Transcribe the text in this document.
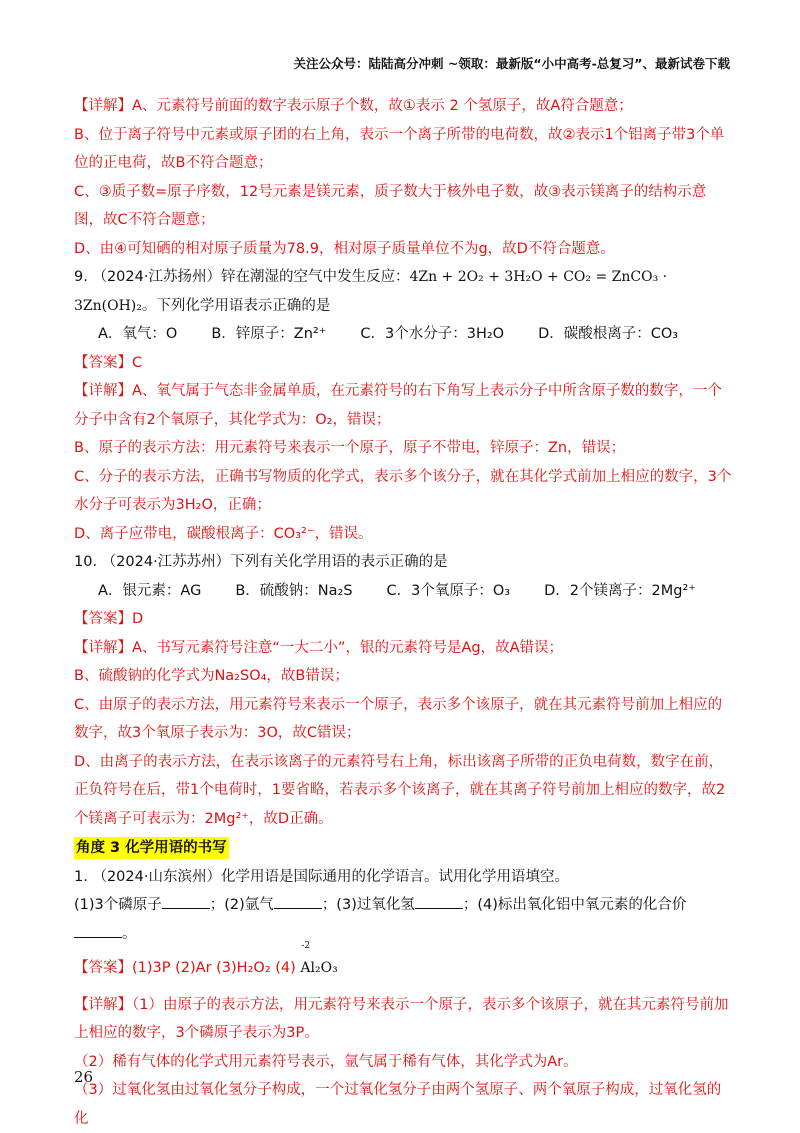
关注公众号：陆陆高分冲刺 ~领取：最新版“小中高考-总复习”、最新试卷下载

【详解】A、元素符号前面的数字表示原子个数，故①表示 2 个氢原子，故A符合题意；

B、位于离子符号中元素或原子团的右上角，表示一个离子所带的电荷数，故②表示1个铝离子带3个单位的正电荷，故B不符合题意；

C、③质子数=原子序数，12号元素是镁元素，质子数大于核外电子数，故③表示镁离子的结构示意图，故C不符合题意；

D、由④可知硒的相对原子质量为78.9，相对原子质量单位不为g，故D不符合题意。

9. （2024·江苏扬州）锌在潮湿的空气中发生反应：4Zn + 2O₂ + 3H₂O + CO₂ = ZnCO₃ · 3Zn(OH)₂。下列化学用语表示正确的是

A．氧气：O B．锌原子：Zn²⁺ C．3个水分子：3H₂O D．碳酸根离子：CO₃

【答案】C

【详解】A、氧气属于气态非金属单质，在元素符号的右下角写上表示分子中所含原子数的数字，一个分子中含有2个氧原子，其化学式为：O₂，错误；

B、原子的表示方法：用元素符号来表示一个原子，原子不带电，锌原子：Zn，错误；

C、分子的表示方法，正确书写物质的化学式，表示多个该分子，就在其化学式前加上相应的数字，3个水分子可表示为3H₂O，正确；

D、离子应带电，碳酸根离子：CO₃²⁻，错误。

10. （2024·江苏苏州）下列有关化学用语的表示正确的是

A．银元素：AG B．硫酸钠：Na₂S C．3个氧原子：O₃ D．2个镁离子：2Mg²⁺

【答案】D

【详解】A、书写元素符号注意“一大二小”，银的元素符号是Ag，故A错误；

B、硫酸钠的化学式为Na₂SO₄，故B错误；

C、由原子的表示方法，用元素符号来表示一个原子，表示多个该原子，就在其元素符号前加上相应的数字，故3个氧原子表示为：3O，故C错误；

D、由离子的表示方法，在表示该离子的元素符号右上角，标出该离子所带的正负电荷数，数字在前，正负符号在后，带1个电荷时，1要省略，若表示多个该离子，就在其离子符号前加上相应的数字，故2个镁离子可表示为：2Mg²⁺，故D正确。

角度 3 化学用语的书写

1. （2024·山东滨州）化学用语是国际通用的化学语言。试用化学用语填空。

(1)3个磷原子	；(2)氩气	；(3)过氧化氢	；(4)标出氧化铝中氧元素的化合价。

【答案】(1)3P (2)Ar (3)H₂O₂ (4)
-2
Al₂O₃

【详解】（1）由原子的表示方法，用元素符号来表示一个原子，表示多个该原子，就在其元素符号前加上相应的数字，3个磷原子表示为3P。

（2）稀有气体的化学式用元素符号表示，氩气属于稀有气体，其化学式为Ar。

（3）过氧化氢由过氧化氢分子构成，一个过氧化氢分子由两个氢原子、两个氧原子构成，过氧化氢的化

26
